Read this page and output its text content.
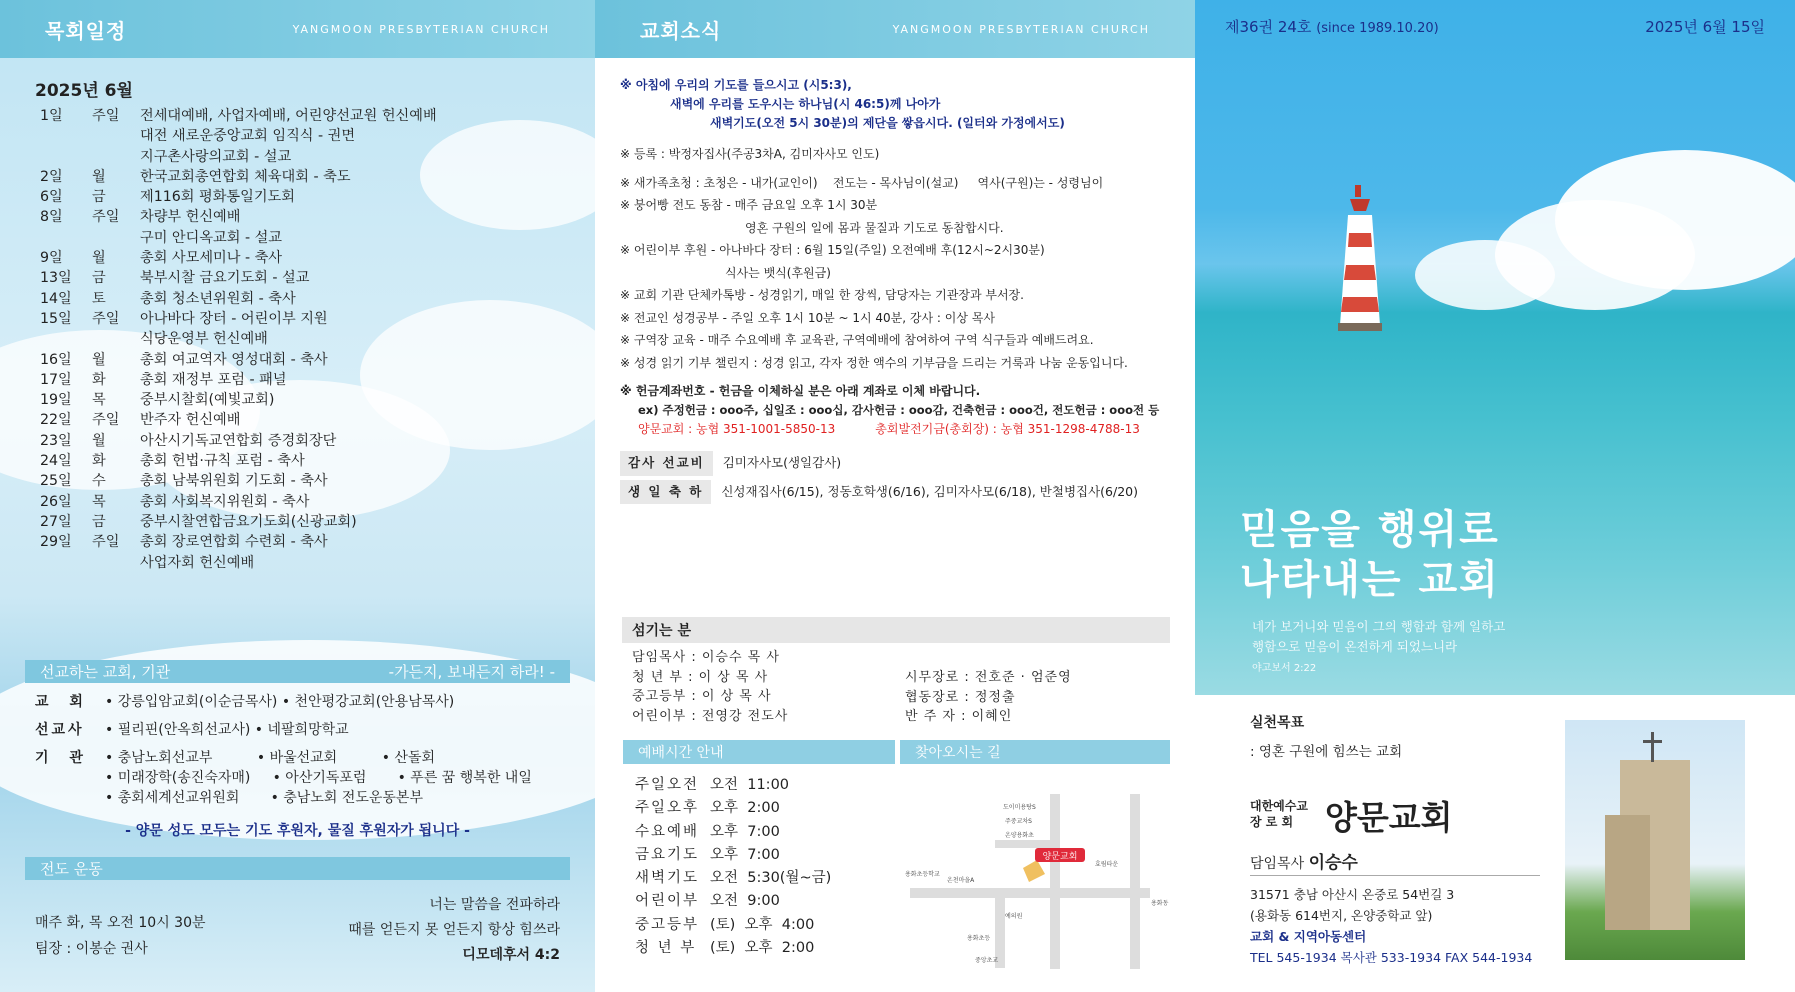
목회일정	YANGMOON PRESBYTERIAN CHURCH
2025년 6월
1일	주일	전세대예배, 사업자예배, 어린양선교원 헌신예배
대전 새로운중앙교회 임직식 - 권면
지구촌사랑의교회 - 설교
2일	월	한국교회총연합회 체육대회 - 축도
6일	금	제116회 평화통일기도회
8일	주일	차량부 헌신예배
구미 안디옥교회 - 설교
9일	월	총회 사모세미나 - 축사
13일	금	북부시찰 금요기도회 - 설교
14일	토	총회 청소년위원회 - 축사
15일	주일	아나바다 장터 - 어린이부 지원
식당운영부 헌신예배
16일	월	총회 여교역자 영성대회 - 축사
17일	화	총회 재정부 포럼 - 패널
19일	목	중부시찰회(예빛교회)
22일	주일	반주자 헌신예배
23일	월	아산시기독교연합회 증경회장단
24일	화	총회 헌법·규칙 포럼 - 축사
25일	수	총회 남북위원회 기도회 - 축사
26일	목	총회 사회복지위원회 - 축사
27일	금	중부시찰연합금요기도회(신광교회)
29일	주일	총회 장로연합회 수련회 - 축사
사업자회 헌신예배
선교하는 교회, 기관	-가든지, 보내든지 하라! -
교 회	• 강릉입암교회(이순금목사) • 천안평강교회(안용남목사)
선교사	• 필리핀(안옥희선교사) • 네팔희망학교
기 관	• 충남노회선교부          • 바울선교회          • 산돌회
• 미래장학(송진숙자매)     • 아산기독포럼       • 푸른 꿈 행복한 내일
• 총회세계선교위원회       • 충남노회 전도운동본부
- 양문 성도 모두는 기도 후원자, 물질 후원자가 됩니다 -
전도 운동
매주 화, 목 오전 10시 30분
팀장 : 이봉순 권사
너는 말씀을 전파하라
때를 얻든지 못 얻든지 항상 힘쓰라
디모데후서 4:2
교회소식	YANGMOON PRESBYTERIAN CHURCH
※ 아침에 우리의 기도를 들으시고 (시5:3),
새벽에 우리를 도우시는 하나님(시 46:5)께 나아가
새벽기도(오전 5시 30분)의 제단을 쌓읍시다. (일터와 가정에서도)
※ 등록 : 박정자집사(주공3차A, 김미자사모 인도)
※ 새가족초청 : 초청은 - 내가(교인이)    전도는 - 목사님이(설교)     역사(구원)는 - 성령님이
※ 붕어빵 전도 동참 - 매주 금요일 오후 1시 30분
영혼 구원의 일에 몸과 물질과 기도로 동참합시다.
※ 어린이부 후원 - 아나바다 장터 : 6월 15일(주일) 오전예배 후(12시~2시30분)
식사는 뱃식(후원금)
※ 교회 기관 단체카톡방 - 성경읽기, 매일 한 장씩, 담당자는 기관장과 부서장.
※ 전교인 성경공부 - 주일 오후 1시 10분 ~ 1시 40분, 강사 : 이상 목사
※ 구역장 교육 - 매주 수요예배 후 교육관, 구역예배에 참여하여 구역 식구들과 예배드려요.
※ 성경 읽기 기부 챌린지 : 성경 읽고, 각자 정한 액수의 기부금을 드리는 거룩과 나눔 운동입니다.
※ 헌금계좌번호 - 헌금을 이체하실 분은 아래 계좌로 이체 바랍니다.
ex) 주정헌금 : ooo주, 십일조 : ooo십, 감사헌금 : ooo감, 건축헌금 : ooo건, 전도헌금 : ooo전 등
양문교회 : 농협 351-1001-5850-13	총회발전기금(총회장) : 농협 351-1298-4788-13
감사 선교비 김미자사모(생일감사)
생 일 축 하 신성재집사(6/15), 정동호학생(6/16), 김미자사모(6/18), 반철병집사(6/20)
섬기는 분
담임목사 : 이승수 목 사
청 년 부 : 이 상 목 사
중고등부 : 이 상 목 사
어린이부 : 전영강 전도사
시무장로 : 전호준 · 엄준영
협동장로 : 정정출
반 주 자 : 이혜인
예배시간 안내	찾아오시는 길
주일오전 오전  11:00
주일오후 오후  2:00
수요예배 오후  7:00
금요기도 오후  7:00
새벽기도 오전  5:30(월~금)
어린이부 오전  9:00
중고등부 (토)  오후  4:00
청 년 부 (토)  오후  2:00
양문교회
도이미용탕S
주중교차S
온양용화초
효림타운
용화초등학교
온천마을A
예의원
용화초등
중앙초교
용화동
제36권 24호 (since 1989.10.20)	2025년 6월 15일
믿음을 행위로
나타내는 교회
네가 보거니와 믿음이 그의 행함과 함께 일하고
행함으로 믿음이 온전하게 되었느니라
야고보서 2:22
실천목표
: 영혼 구원에 힘쓰는 교회
대한예수교
장 로 회 양문교회
담임목사 이승수
31571 충남 아산시 온중로 54번길 3
(용화동 614번지, 온양중학교 앞)
교회 & 지역아동센터
TEL 545-1934 목사관 533-1934 FAX 544-1934
